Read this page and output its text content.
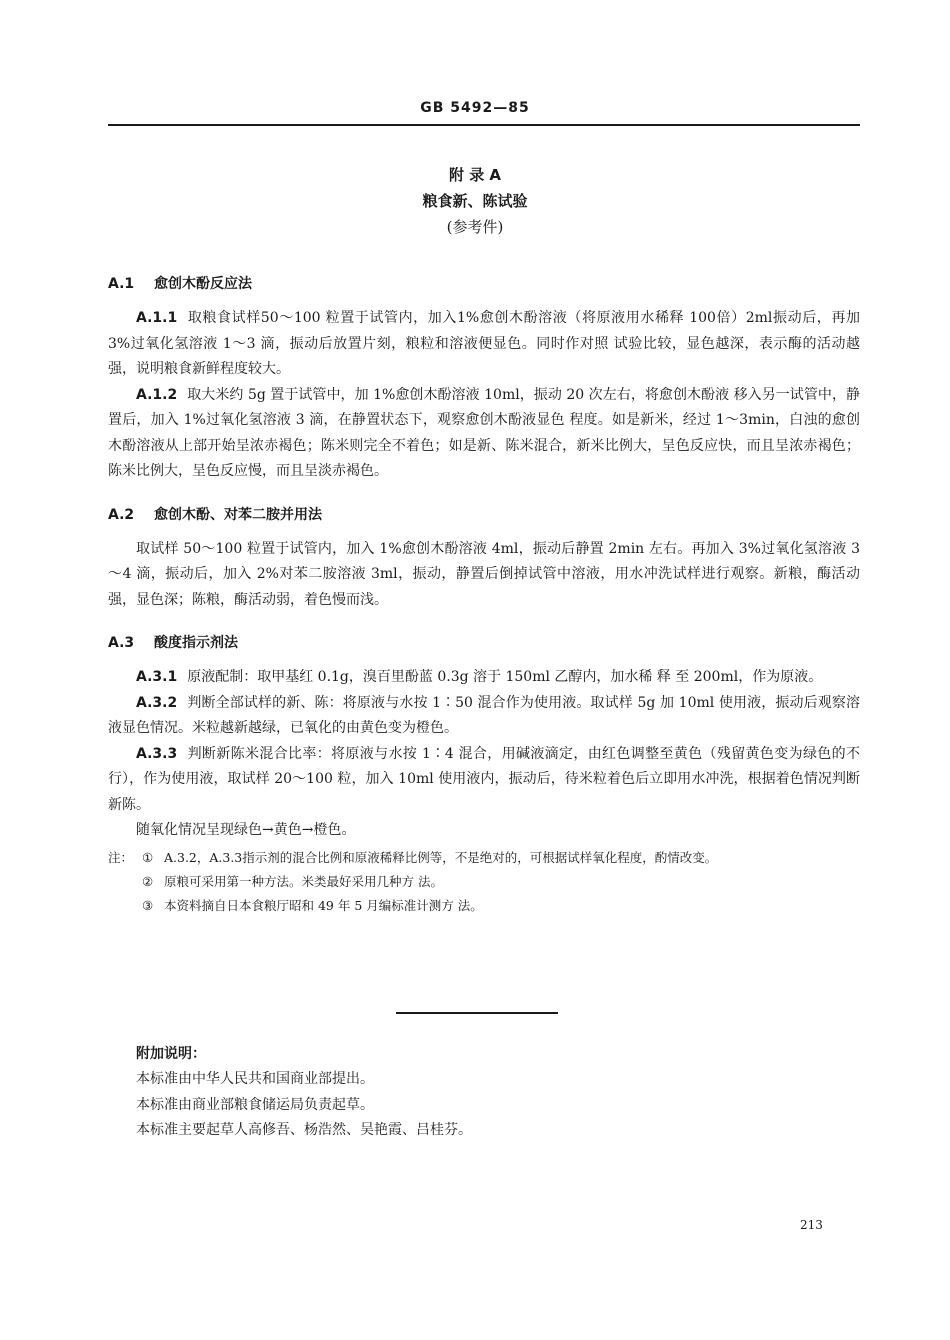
GB 5492—85
附 录 A
粮食新、陈试验
(参考件)
A.1 愈创木酚反应法

A.1.1 取粮食试样50～100 粒置于试管内，加入1%愈创木酚溶液（将原液用水稀释 100倍）2ml振动后，再加 3%过氧化氢溶液 1～3 滴，振动后放置片刻，粮粒和溶液便显色。同时作对照 试验比较，显色越深，表示酶的活动越强，说明粮食新鲜程度较大。

A.1.2 取大米约 5g 置于试管中，加 1%愈创木酚溶液 10ml，振动 20 次左右，将愈创木酚液 移入另一试管中，静置后，加入 1%过氧化氢溶液 3 滴，在静置状态下，观察愈创木酚液显色 程度。如是新米，经过 1～3min，白浊的愈创木酚溶液从上部开始呈浓赤褐色；陈米则完全不着色；如是新、陈米混合，新米比例大，呈色反应快，而且呈浓赤褐色；陈米比例大，呈色反应慢，而且呈淡赤褐色。

A.2 愈创木酚、对苯二胺并用法

取试样 50～100 粒置于试管内，加入 1%愈创木酚溶液 4ml，振动后静置 2min 左右。再加入 3%过氧化氢溶液 3～4 滴，振动后，加入 2%对苯二胺溶液 3ml，振动，静置后倒掉试管中溶液，用水冲洗试样进行观察。新粮，酶活动强，显色深；陈粮，酶活动弱，着色慢而浅。

A.3 酸度指示剂法

A.3.1 原液配制：取甲基红 0.1g，溴百里酚蓝 0.3g 溶于 150ml 乙醇内，加水稀 释 至 200ml，作为原液。

A.3.2 判断全部试样的新、陈：将原液与水按 1∶50 混合作为使用液。取试样 5g 加 10ml 使用液，振动后观察溶液显色情况。米粒越新越绿，已氧化的由黄色变为橙色。

A.3.3 判断新陈米混合比率：将原液与水按 1∶4 混合，用碱液滴定，由红色调整至黄色（残留黄色变为绿色的不行），作为使用液，取试样 20～100 粒，加入 10ml 使用液内，振动后，待米粒着色后立即用水冲洗，根据着色情况判断新陈。

随氧化情况呈现绿色→黄色→橙色。

注： ① A.3.2，A.3.3指示剂的混合比例和原液稀释比例等，不是绝对的，可根据试样氧化程度，酌情改变。
② 原粮可采用第一种方法。米类最好采用几种方 法。
③ 本资料摘自日本食粮厅昭和 49 年 5 月编标准计测方 法。
附加说明：
本标准由中华人民共和国商业部提出。
本标准由商业部粮食储运局负责起草。
本标准主要起草人高修吾、杨浩然、吴艳霞、吕桂芬。
213
